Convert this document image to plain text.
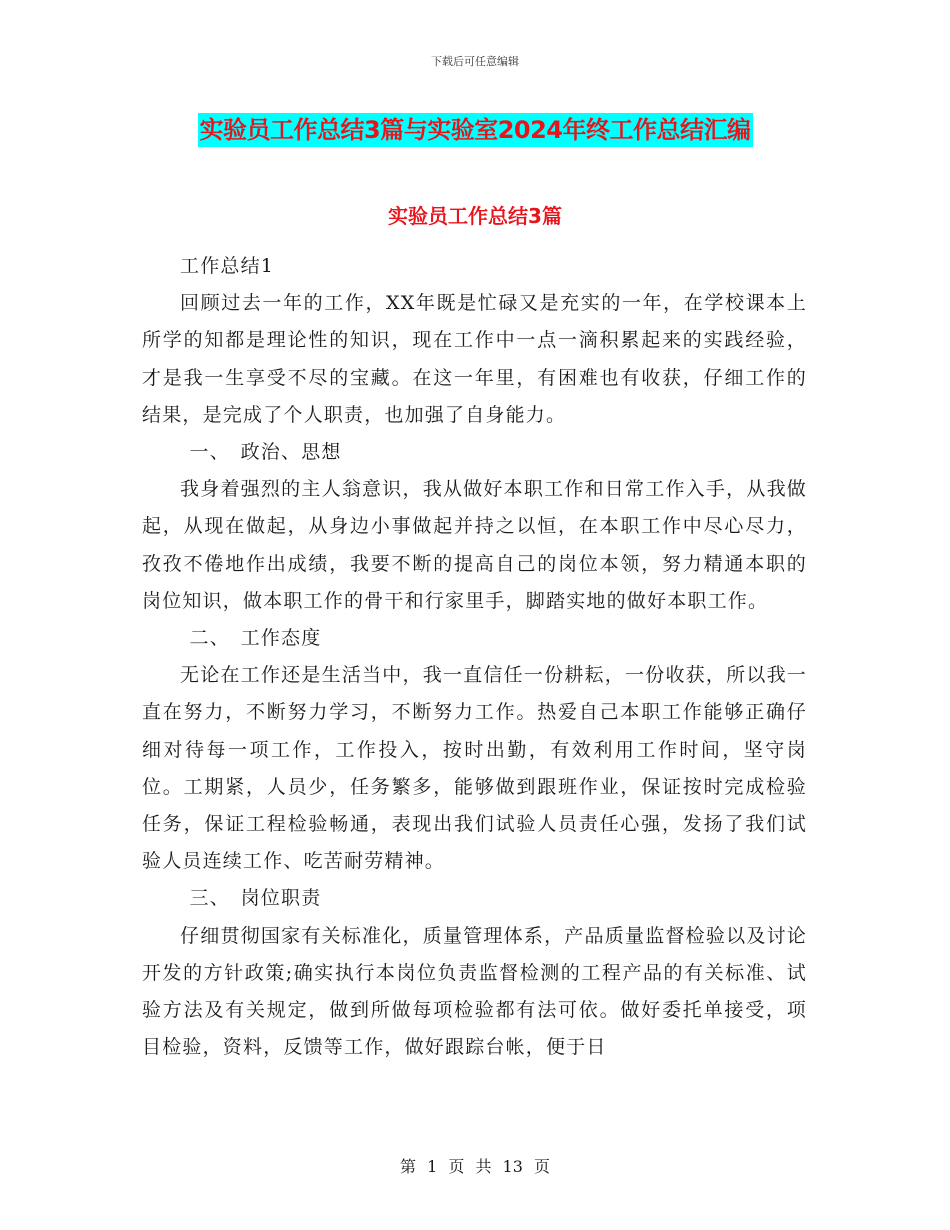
下载后可任意编辑
实验员工作总结3篇与实验室2024年终工作总结汇编
实验员工作总结3篇

工作总结1

回顾过去一年的工作，XX年既是忙碌又是充实的一年，在学校课本上所学的知都是理论性的知识，现在工作中一点一滴积累起来的实践经验，才是我一生享受不尽的宝藏。在这一年里，有困难也有收获，仔细工作的结果，是完成了个人职责，也加强了自身能力。

一、　政治、思想

我身着强烈的主人翁意识，我从做好本职工作和日常工作入手，从我做起，从现在做起，从身边小事做起并持之以恒，在本职工作中尽心尽力，孜孜不倦地作出成绩，我要不断的提高自己的岗位本领，努力精通本职的岗位知识，做本职工作的骨干和行家里手，脚踏实地的做好本职工作。

二、　工作态度

无论在工作还是生活当中，我一直信任一份耕耘，一份收获，所以我一直在努力，不断努力学习，不断努力工作。热爱自己本职工作能够正确仔细对待每一项工作，工作投入，按时出勤，有效利用工作时间，坚守岗位。工期紧，人员少，任务繁多，能够做到跟班作业，保证按时完成检验任务，保证工程检验畅通，表现出我们试验人员责任心强，发扬了我们试验人员连续工作、吃苦耐劳精神。

三、　岗位职责

仔细贯彻国家有关标准化，质量管理体系，产品质量监督检验以及讨论开发的方针政策;确实执行本岗位负责监督检测的工程产品的有关标准、试验方法及有关规定，做到所做每项检验都有法可依。做好委托单接受，项目检验，资料，反馈等工作，做好跟踪台帐，便于日

第 1 页 共 13 页
